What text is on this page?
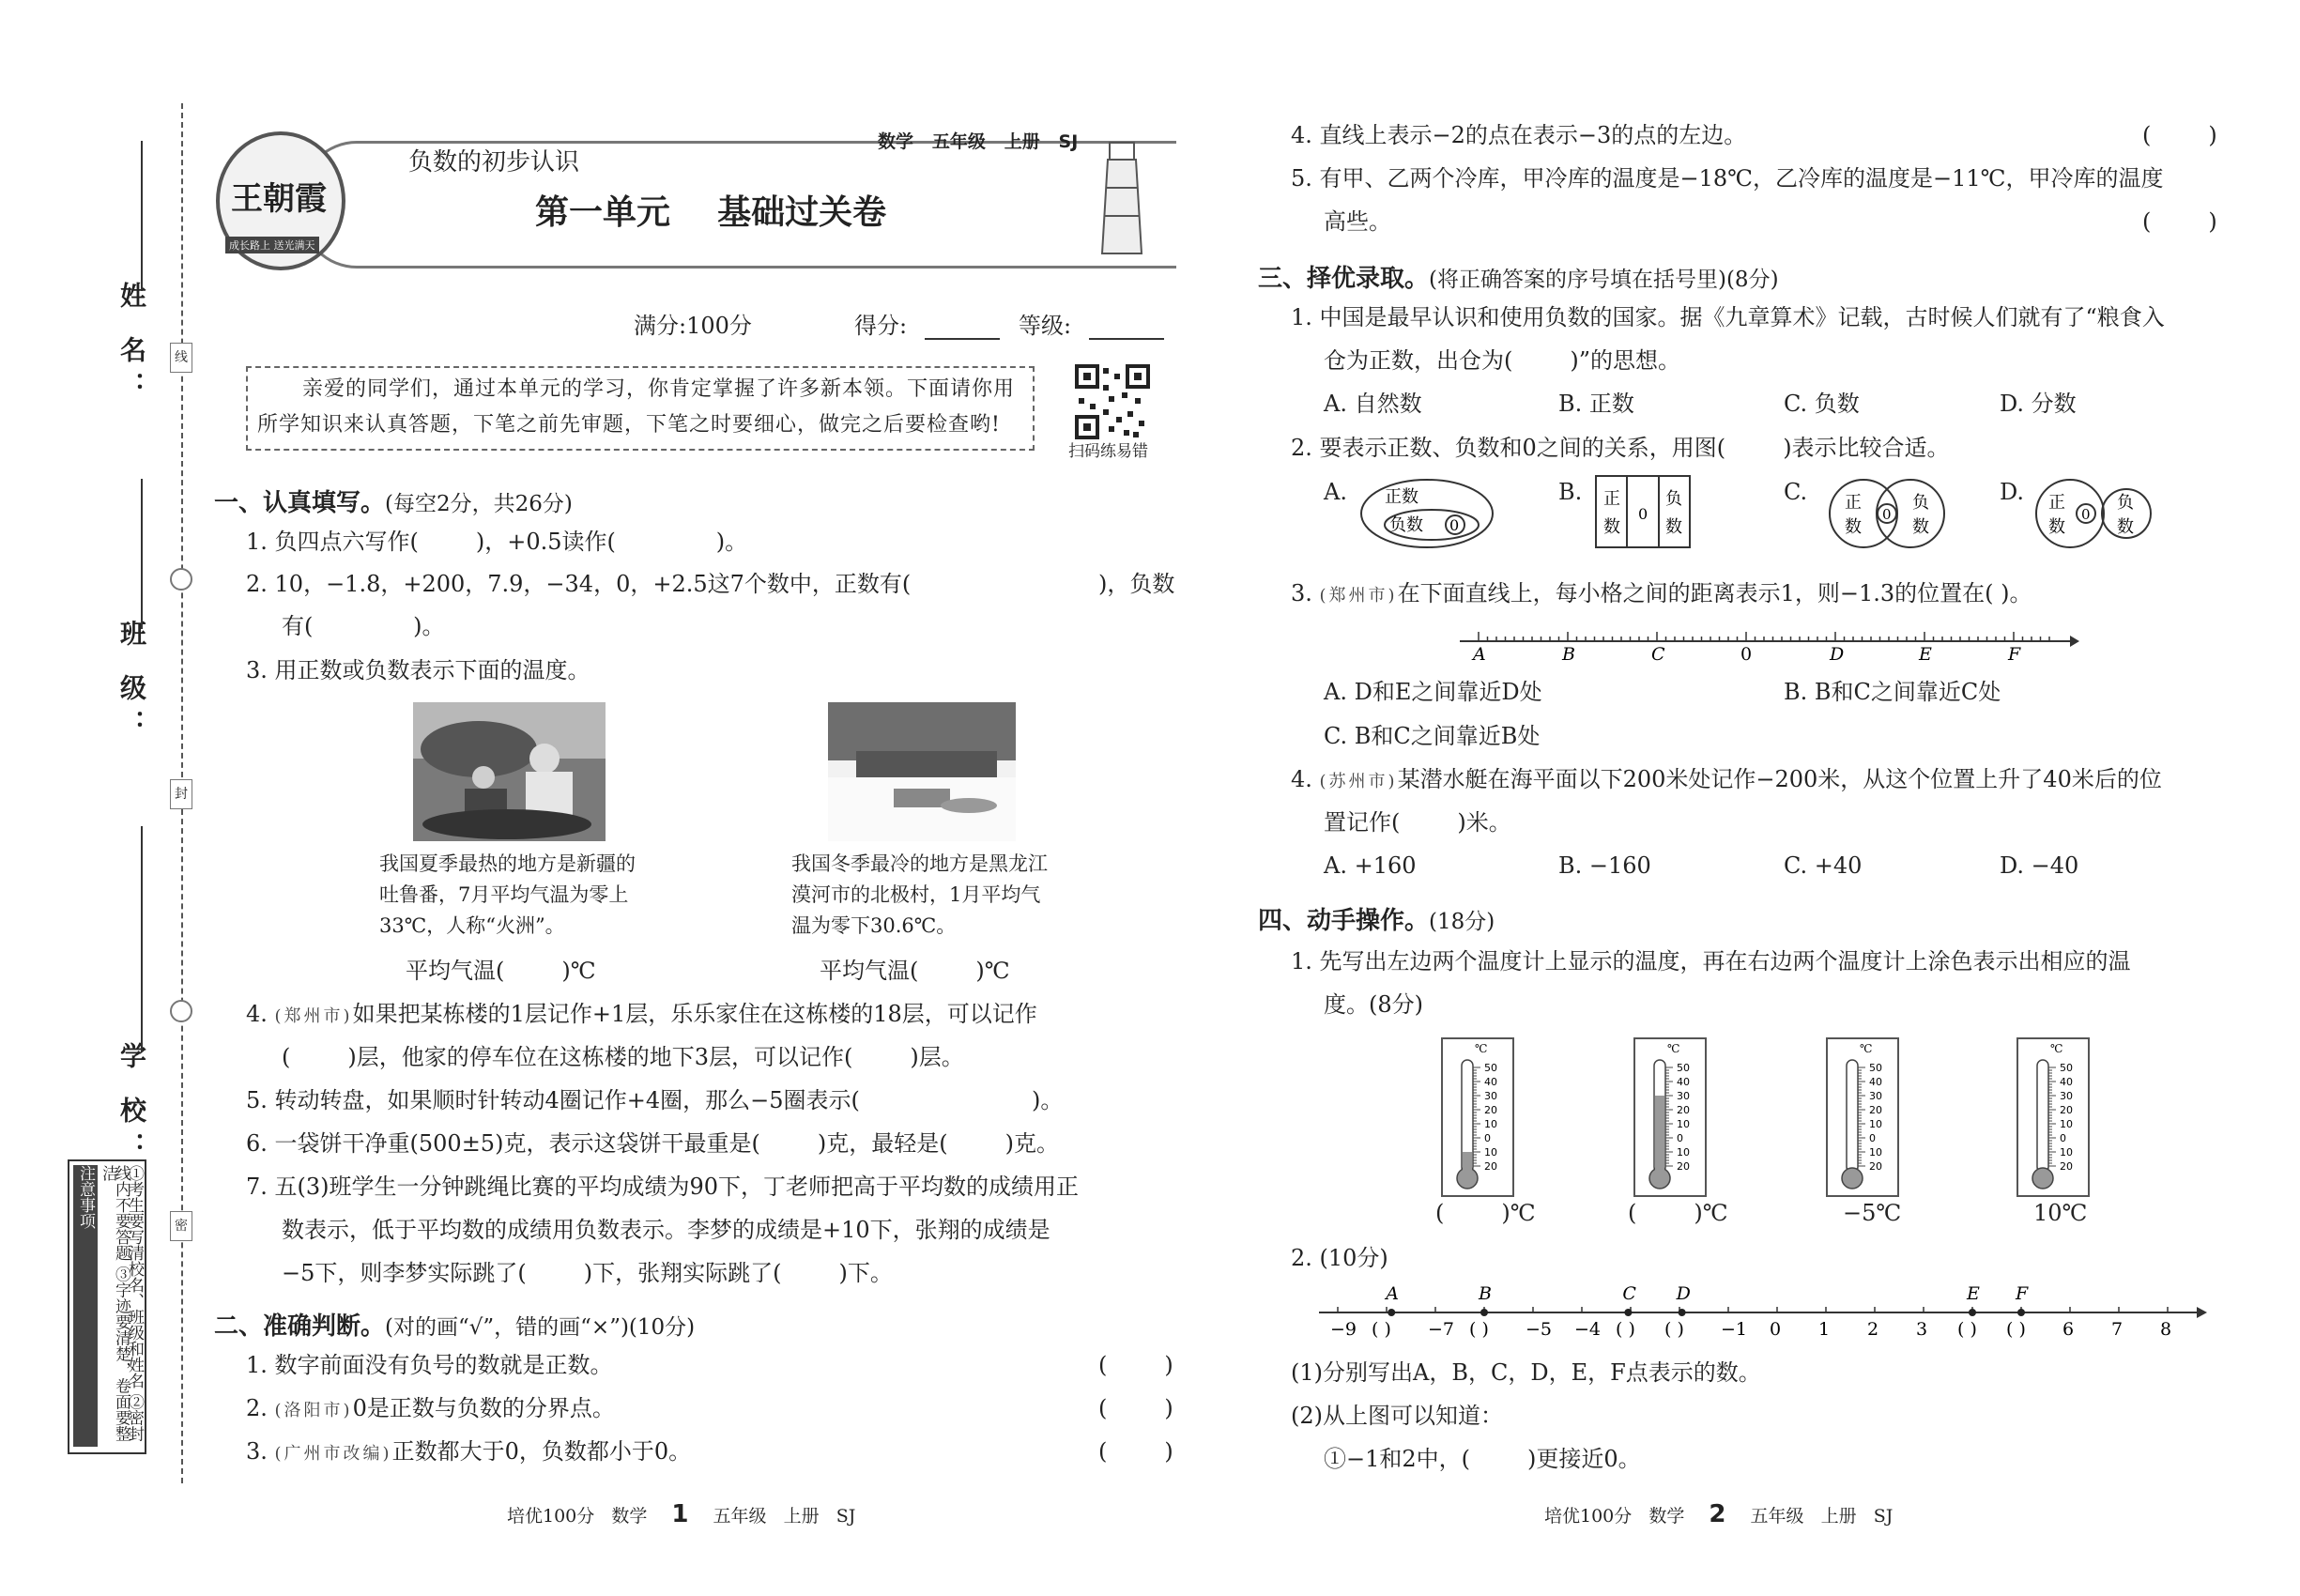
姓 名：
班 级：
学 校：
线
封
密
注意事项	①考生要写清校名、班级和姓名 ②密封线内不要答题 ③字迹要清楚，卷面要整洁
王朝霞
成长路上 送光满天
负数的初步认识
数学   五年级   上册   SJ
第一单元    基础过关卷
满分:100分	得分:	等级:
亲爱的同学们，通过本单元的学习，你肯定掌握了许多新本领。下面请你用所学知识来认真答题，下笔之前先审题，下笔之时要细心，做完之后要检查哟!
扫码练易错
一、认真填写。(每空2分，共26分)
1. 负四点六写作(        )，+0.5读作(              )。
2. 10，−1.8，+200，7.9，−34，0，+2.5这7个数中，正数有(	)，负数
有(              )。
3. 用正数或负数表示下面的温度。
我国夏季最热的地方是新疆的吐鲁番，7月平均气温为零上33℃，人称“火洲”。
我国冬季最冷的地方是黑龙江漠河市的北极村，1月平均气温为零下30.6℃。
平均气温(        )℃	平均气温(        )℃
4. (郑州市)如果把某栋楼的1层记作+1层，乐乐家住在这栋楼的18层，可以记作
(        )层，他家的停车位在这栋楼的地下3层，可以记作(        )层。
5. 转动转盘，如果顺时针转动4圈记作+4圈，那么−5圈表示(                        )。
6. 一袋饼干净重(500±5)克，表示这袋饼干最重是(        )克，最轻是(        )克。
7. 五(3)班学生一分钟跳绳比赛的平均成绩为90下，丁老师把高于平均数的成绩用正
数表示，低于平均数的成绩用负数表示。李梦的成绩是+10下，张翔的成绩是
−5下，则李梦实际跳了(        )下，张翔实际跳了(        )下。
二、准确判断。(对的画“√”，错的画“×”)(10分)
1. 数字前面没有负号的数就是正数。	(        )
2. (洛阳市)0是正数与负数的分界点。	(        )
3. (广州市改编)正数都大于0，负数都小于0。	(        )
培优100分   数学 1 五年级   上册   SJ
4. 直线上表示−2的点在表示−3的点的左边。	(        )
5. 有甲、乙两个冷库，甲冷库的温度是−18℃，乙冷库的温度是−11℃，甲冷库的温度
高些。	(        )
三、择优录取。(将正确答案的序号填在括号里)(8分)
1. 中国是最早认识和使用负数的国家。据《九章算术》记载，古时候人们就有了“粮食入
仓为正数，出仓为(        )”的思想。
A. 自然数	B. 正数	C. 负数	D. 分数
2. 要表示正数、负数和0之间的关系，用图(        )表示比较合适。
A. 正数
负数 0
B. 正
数
0
负
数
C. 正
数
0
负
数
D. 正
数
0
负
数
3. (郑州市)在下面直线上，每小格之间的距离表示1，则−1.3的位置在( )。
A	B	C	0	D	E	F
A. D和E之间靠近D处	B. B和C之间靠近C处
C. B和C之间靠近B处
4. (苏州市)某潜水艇在海平面以下200米处记作−200米，从这个位置上升了40米后的位
置记作(        )米。
A. +160	B. −160	C. +40	D. −40
四、动手操作。(18分)
1. 先写出左边两个温度计上显示的温度，再在右边两个温度计上涂色表示出相应的温
度。(8分)
℃
50
40
30
20
10
0
10
20
(        )℃
℃
50
40
30
20
10
0
10
20
(        )℃
℃
50
40
30
20
10
0
10
20
−5℃
℃
50
40
30
20
10
0
10
20
10℃
2. (10分)
−9 ( ) −7 ( ) −5 −4 ( ) ( ) −1 0 1 2 3 ( ) ( ) 6 7 8
A	B	C D	E F
(1)分别写出A，B，C，D，E，F点表示的数。
(2)从上图可以知道：
①−1和2中，(        )更接近0。
培优100分   数学 2 五年级   上册   SJ
